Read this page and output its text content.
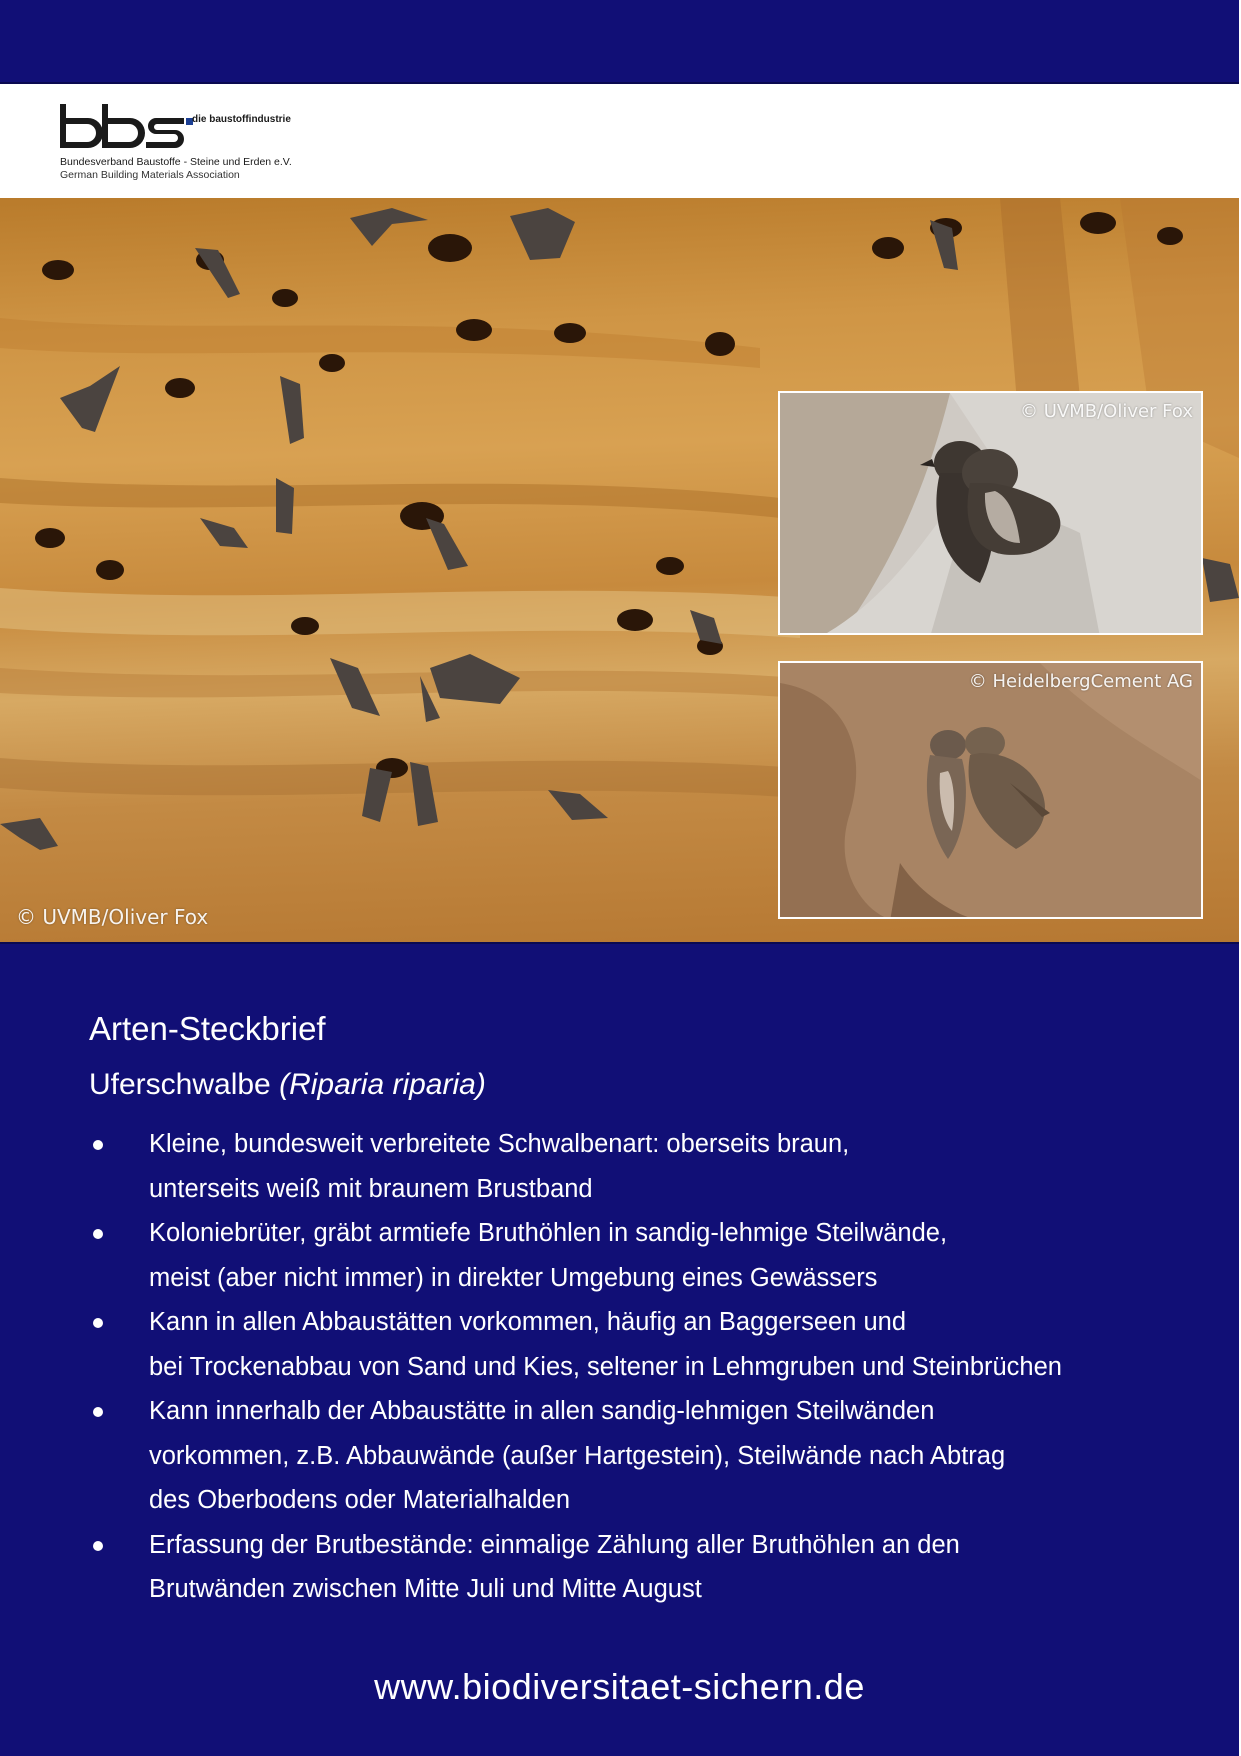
die baustoffindustrie
Bundesverband Baustoffe - Steine und Erden e.V.
German Building Materials Association
© UVMB/Oliver Fox
© UVMB/Oliver Fox
© HeidelbergCement AG
Arten-Steckbrief
Uferschwalbe (Riparia riparia)
Kleine, bundesweit verbreitete Schwalbenart: oberseits braun,
unterseits weiß mit braunem Brustband
Koloniebrüter, gräbt armtiefe Bruthöhlen in sandig-lehmige Steilwände,
meist (aber nicht immer) in direkter Umgebung eines Gewässers
Kann in allen Abbaustätten vorkommen, häufig an Baggerseen und
bei Trockenabbau von Sand und Kies, seltener in Lehmgruben und Steinbrüchen
Kann innerhalb der Abbaustätte in allen sandig-lehmigen Steilwänden
vorkommen, z.B. Abbauwände (außer Hartgestein), Steilwände nach Abtrag
des Oberbodens oder Materialhalden
Erfassung der Brutbestände: einmalige Zählung aller Bruthöhlen an den
Brutwänden zwischen Mitte Juli und Mitte August
www.biodiversitaet-sichern.de
